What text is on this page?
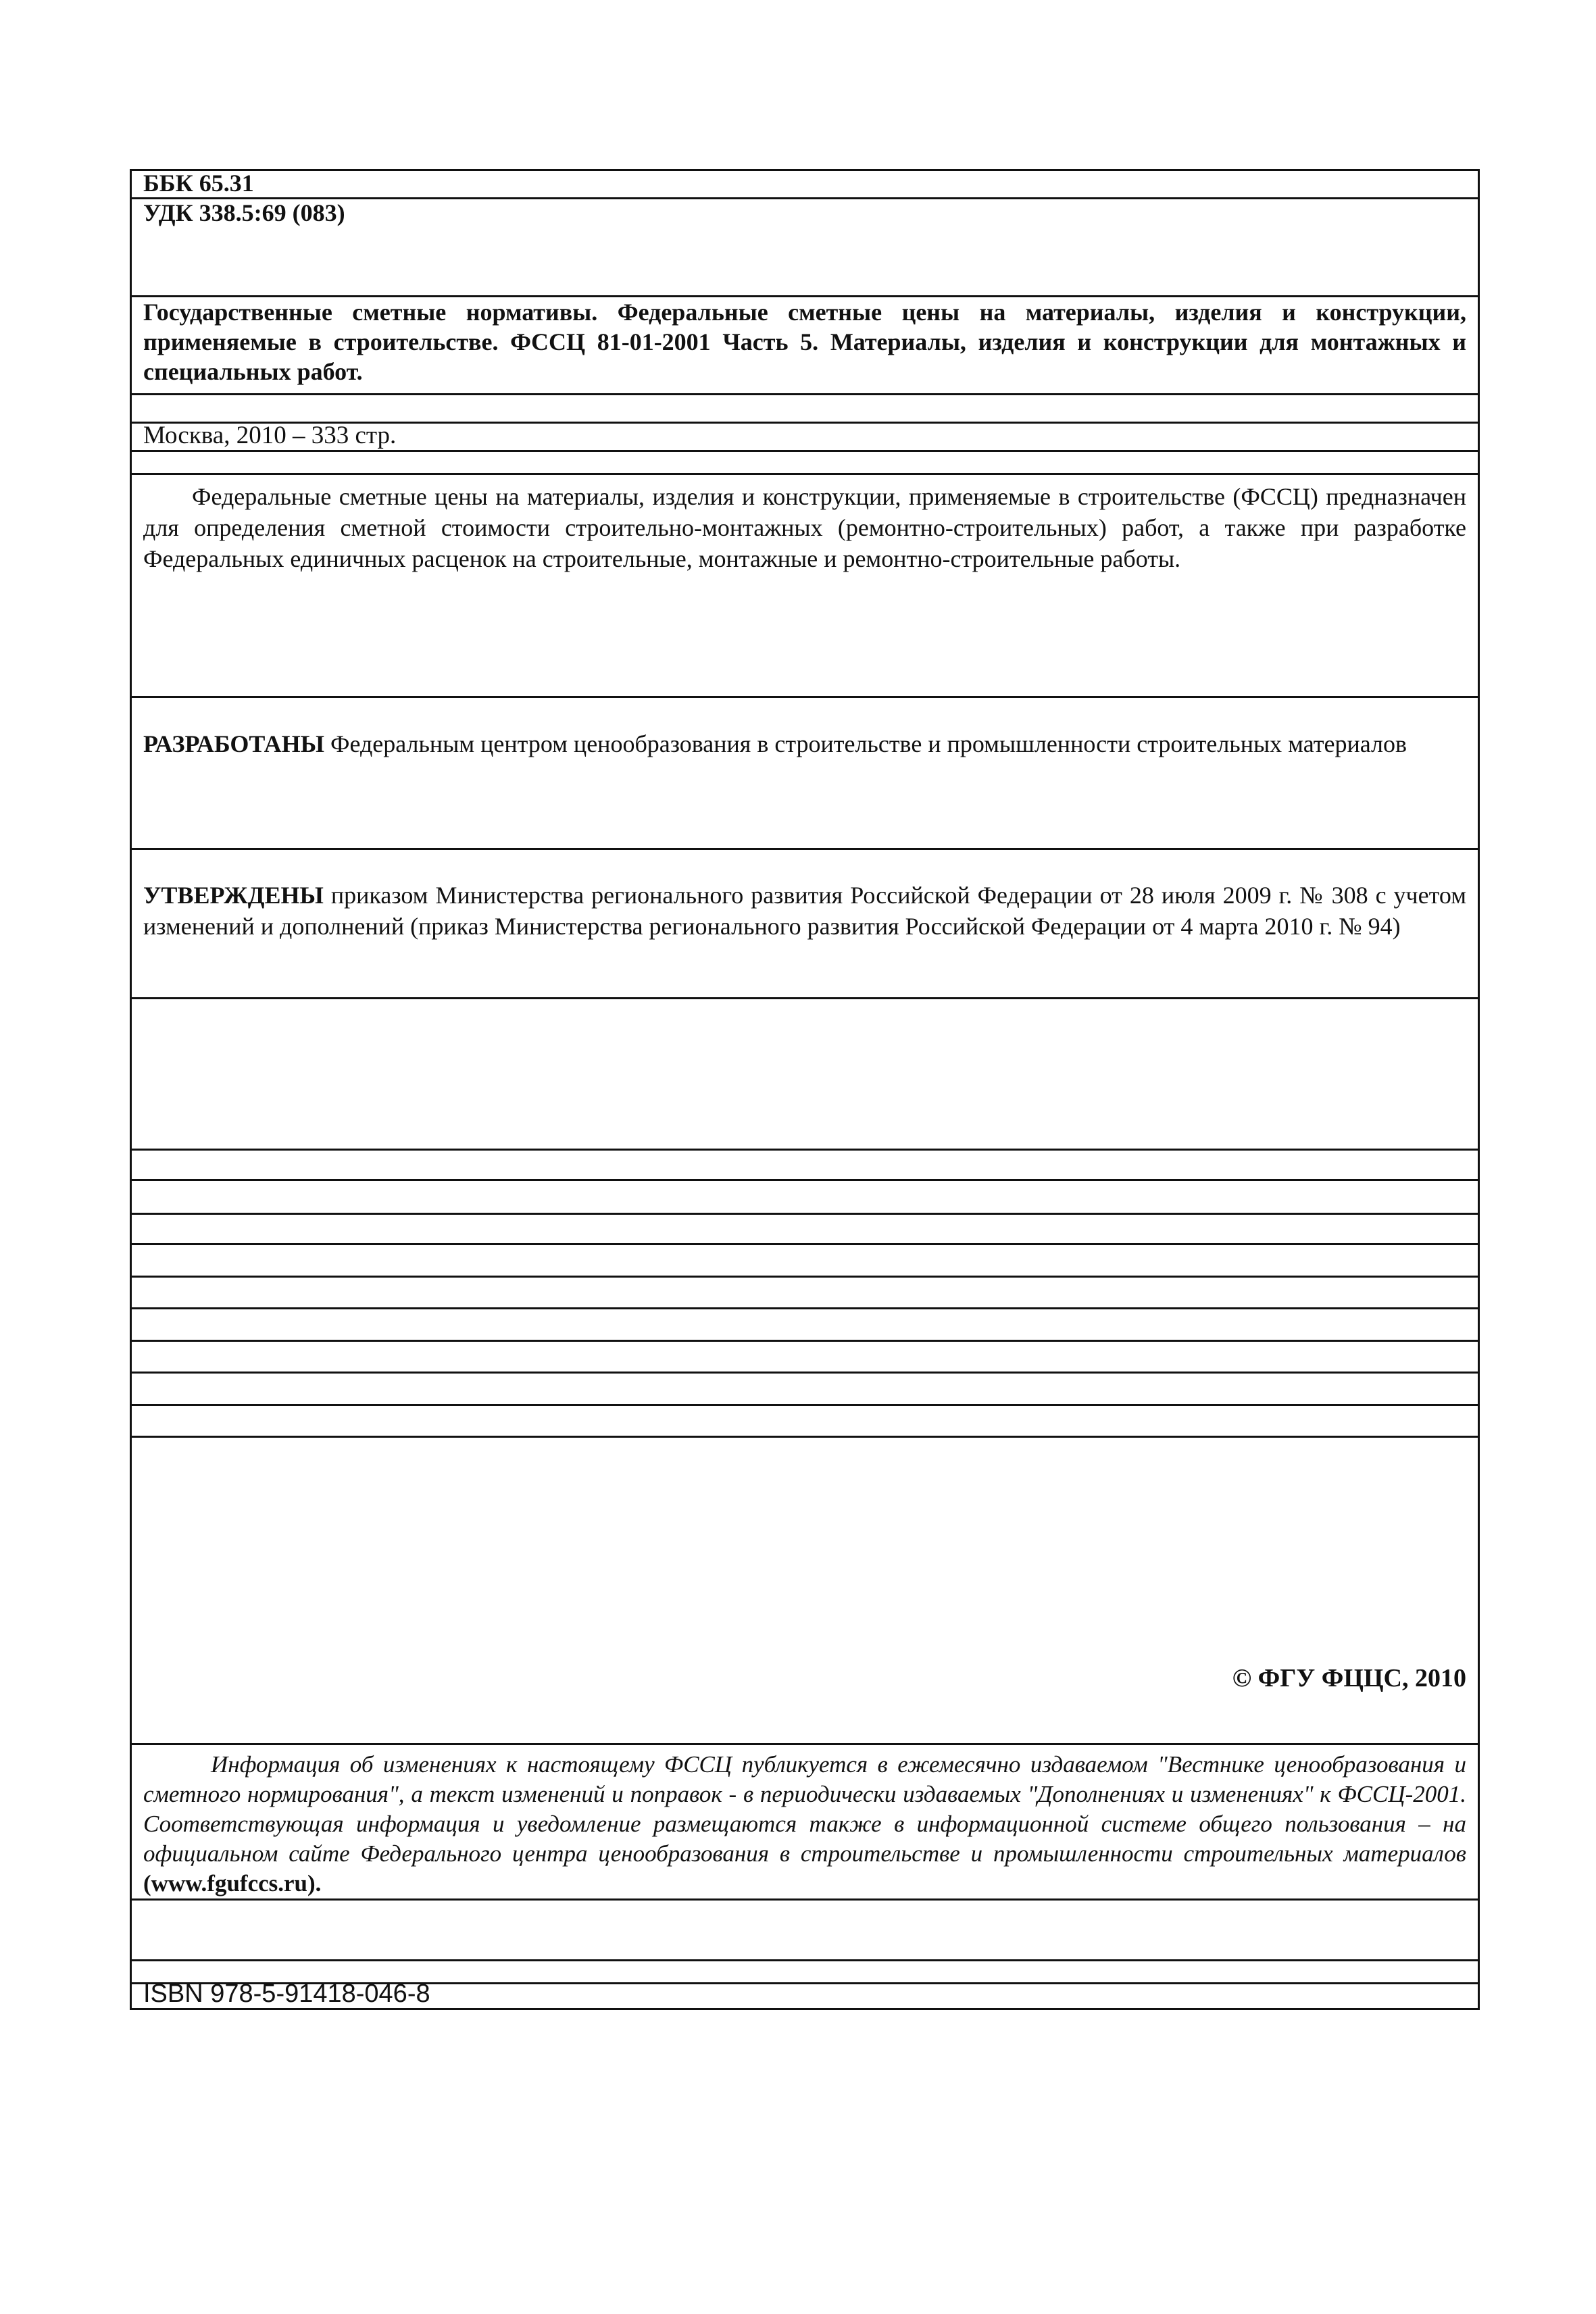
ББК 65.31
УДК 338.5:69 (083)
Государственные сметные нормативы. Федеральные сметные цены на материалы, изделия и конструкции, применяемые в строительстве. ФССЦ 81-01-2001 Часть 5. Материалы, изделия и конструкции для монтажных и специальных работ.
Москва, 2010 – 333 стр.
Федеральные сметные цены на материалы, изделия и конструкции, применяемые в строительстве (ФССЦ) предназначен для определения сметной стоимости строительно-монтажных (ремонтно-строительных) работ, а также при разработке Федеральных единичных расценок на строительные, монтажные и ремонтно-строительные работы.
РАЗРАБОТАНЫ Федеральным центром ценообразования в строительстве и промышленности строительных материалов
УТВЕРЖДЕНЫ приказом Министерства регионального развития Российской Федерации от 28 июля 2009 г. № 308 с учетом изменений и дополнений (приказ Министерства регионального развития Российской Федерации от 4 марта 2010 г. № 94)
© ФГУ ФЦЦС, 2010
Информация об изменениях к настоящему ФССЦ публикуется в ежемесячно издаваемом "Вестнике ценообразования и сметного нормирования", а текст изменений и поправок - в периодически издаваемых "Дополнениях и изменениях" к ФССЦ-2001. Соответствующая информация и уведомление размещаются также в информационной системе общего пользования – на официальном сайте Федерального центра ценообразования в строительстве и промышленности строительных материалов (www.fgufccs.ru).
ISBN 978-5-91418-046-8
